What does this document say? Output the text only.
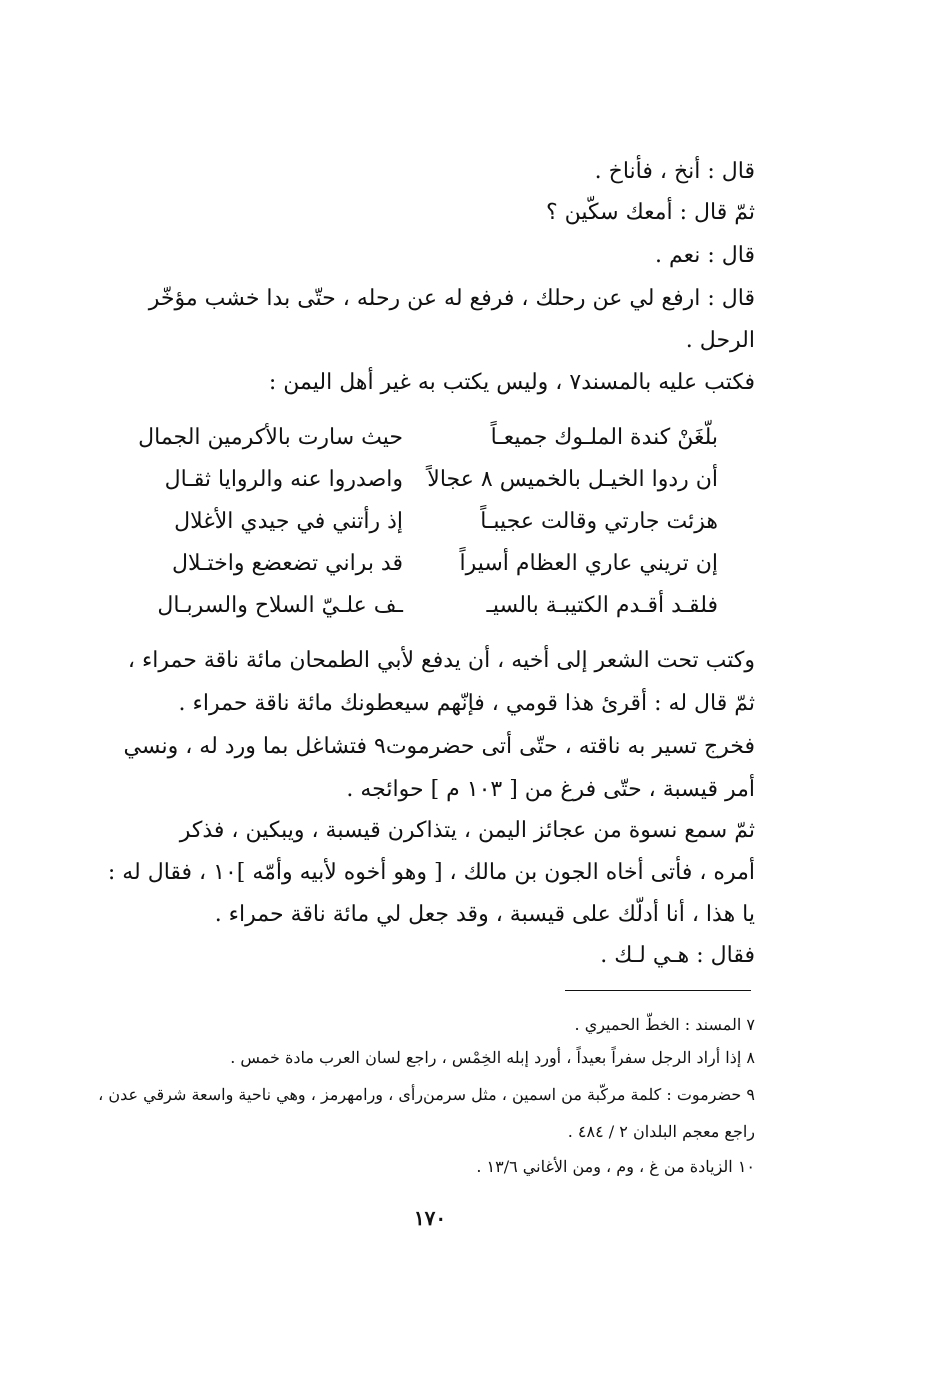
قال : أنخ ، فأناخ .
ثمّ قال : أمعك سكّين ؟
قال : نعم .
قال : ارفع لي عن رحلك ، فرفع له عن رحله ، حتّى بدا خشب مؤخّر
الرحل .
فكتب عليه بالمسند٧ ، وليس يكتب به غير أهل اليمن :
بلّغَنْ كندة الملـوك جميعـاً
حيث سارت بالأكرمين الجمال
أن ردوا الخيـل بالخميس ٨ عجالاً
واصدروا عنه والروايا ثقـال
هزئت جارتي وقالت عجيبـاً
إذ رأتني في جيدي الأغلال
إن تريني عاري العظام أسيراً
قد براني تضعضع واختـلال
فلقـد أقـدم الكتيبـة بالسيـ
ـف علـيّ السلاح والسربـال
وكتب تحت الشعر إلى أخيه ، أن يدفع لأبي الطمحان مائة ناقة حمراء ،
ثمّ قال له : أقرئ هذا قومي ، فإنّهم سيعطونك مائة ناقة حمراء .
فخرج تسير به ناقته ، حتّى أتى حضرموت٩ فتشاغل بما ورد له ، ونسي
أمر قيسبة ، حتّى فرغ من [ ١٠٣ م ] حوائجه .
ثمّ سمع نسوة من عجائز اليمن ، يتذاكرن قيسبة ، ويبكين ، فذكر
أمره ، فأتى أخاه الجون بن مالك ، [ وهو أخوه لأبيه وأمّه ]١٠ ، فقال له :
يا هذا ، أنا أدلّك على قيسبة ، وقد جعل لي مائة ناقة حمراء .
فقال : هـي لـك .
٧ المسند : الخطّ الحميري .
٨ إذا أراد الرجل سفراً بعيداً ، أورد إبله الخِمْس ، راجع لسان العرب مادة خمس .
٩ حضرموت : كلمة مركّبة من اسمين ، مثل سرمن‌رأى ، ورامهرمز ، وهي ناحية واسعة شرقي عدن ،
راجع معجم البلدان ٢ / ٤٨٤ .
١٠ الزيادة من غ ، وم ، ومن الأغاني ١٣/٦ .
١٧٠
